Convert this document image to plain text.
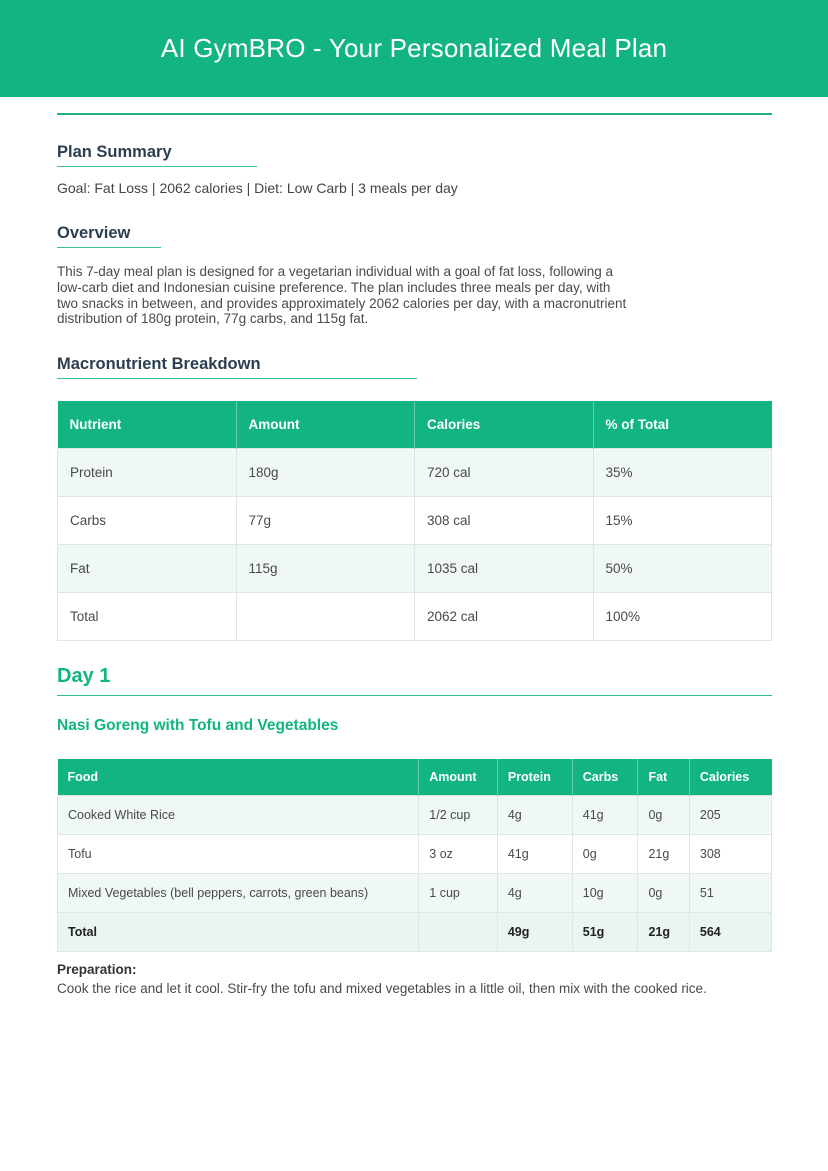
AI GymBRO - Your Personalized Meal Plan
Plan Summary

Goal: Fat Loss | 2062 calories | Diet: Low Carb | 3 meals per day

Overview

This 7-day meal plan is designed for a vegetarian individual with a goal of fat loss, following a low-carb diet and Indonesian cuisine preference. The plan includes three meals per day, with two snacks in between, and provides approximately 2062 calories per day, with a macronutrient distribution of 180g protein, 77g carbs, and 115g fat.

Macronutrient Breakdown
Nutrient	Amount	Calories	% of Total
Protein	180g	720 cal	35%
Carbs	77g	308 cal	15%
Fat	115g	1035 cal	50%
Total		2062 cal	100%
Day 1
Nasi Goreng with Tofu and Vegetables
Food	Amount	Protein	Carbs	Fat	Calories
Cooked White Rice	1/2 cup	4g	41g	0g	205
Tofu	3 oz	41g	0g	21g	308
Mixed Vegetables (bell peppers, carrots, green beans)	1 cup	4g	10g	0g	51
Total		49g	51g	21g	564

Preparation:

Cook the rice and let it cool. Stir-fry the tofu and mixed vegetables in a little oil, then mix with the cooked rice.
